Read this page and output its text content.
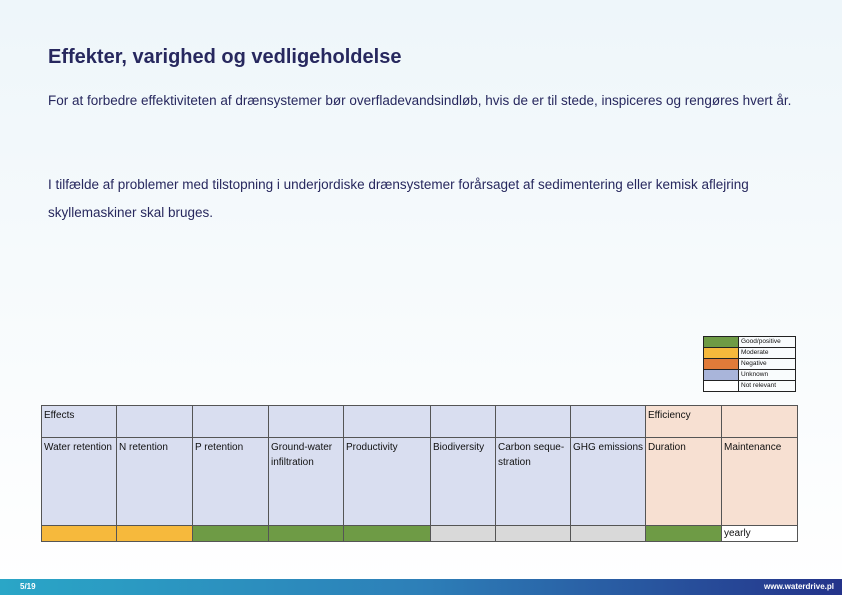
Effekter, varighed og vedligeholdelse

For at forbedre effektiviteten af drænsystemer bør overfladevandsindløb, hvis de er til stede, inspiceres og rengøres hvert år.

I tilfælde af problemer med tilstopning i underjordiske drænsystemer forårsaget af sedimentering eller kemisk aflejring skyllemaskiner skal bruges.

	Good/positive
	Moderate
	Negative
	Unknown
	Not relevant
Effects								Efficiency	
Water retention	N retention	P retention	Ground-water infiltration	Productivity	Biodiversity	Carbon seque-stration	GHG emissions	Duration	Maintenance
									yearly
5/19	www.waterdrive.pl
